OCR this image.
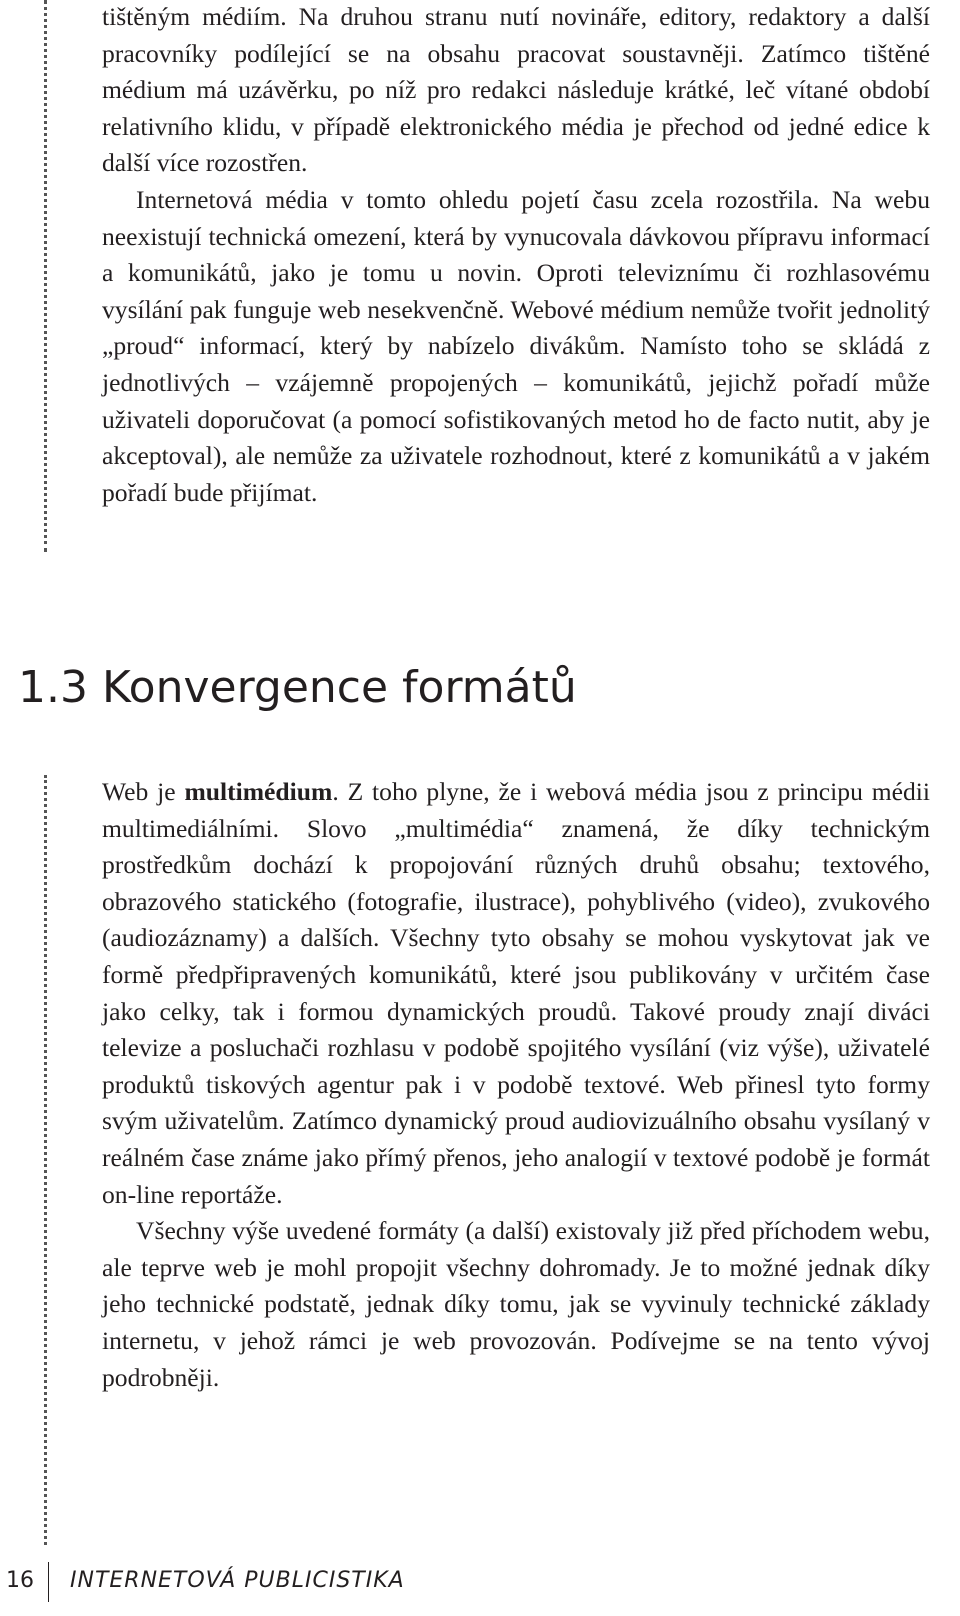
tištěným médiím. Na druhou stranu nutí novináře, editory, redaktory a další pracovníky podílející se na obsahu pracovat soustavněji. Zatímco tištěné médium má uzávěrku, po níž pro redakci následuje krátké, leč vítané období relativního klidu, v případě elektronického média je přechod od jedné edice k další více rozostřen.

Internetová média v tomto ohledu pojetí času zcela rozostřila. Na webu neexistují technická omezení, která by vynucovala dávkovou přípravu informací a komunikátů, jako je tomu u novin. Oproti televiznímu či rozhlasovému vysílání pak funguje web nesekvenčně. Webové médium nemůže tvořit jednolitý „proud“ informací, který by nabízelo divákům. Namísto toho se skládá z jednotlivých – vzájemně propojených – komunikátů, jejichž pořadí může uživateli doporučovat (a pomocí sofistikovaných metod ho de facto nutit, aby je akceptoval), ale nemůže za uživatele rozhodnout, které z komunikátů a v jakém pořadí bude přijímat.

1.3 Konvergence formátů

Web je multimédium. Z toho plyne, že i webová média jsou z principu médii multimediálními. Slovo „multimédia“ znamená, že díky technickým prostředkům dochází k propojování různých druhů obsahu; textového, obrazového statického (fotografie, ilustrace), pohyblivého (video), zvukového (audiozáznamy) a dalších. Všechny tyto obsahy se mohou vyskytovat jak ve formě předpřipravených komunikátů, které jsou publikovány v určitém čase jako celky, tak i formou dynamických proudů. Takové proudy znají diváci televize a posluchači rozhlasu v podobě spojitého vysílání (viz výše), uživatelé produktů tiskových agentur pak i v podobě textové. Web přinesl tyto formy svým uživatelům. Zatímco dynamický proud audiovizuálního obsahu vysílaný v reálném čase známe jako přímý přenos, jeho analogií v textové podobě je formát on-line reportáže.

Všechny výše uvedené formáty (a další) existovaly již před příchodem webu, ale teprve web je mohl propojit všechny dohromady. Je to možné jednak díky jeho technické podstatě, jednak díky tomu, jak se vyvinuly technické základy internetu, v jehož rámci je web provozován. Podívejme se na tento vývoj podrobněji.

16 INTERNETOVÁ PUBLICISTIKA
